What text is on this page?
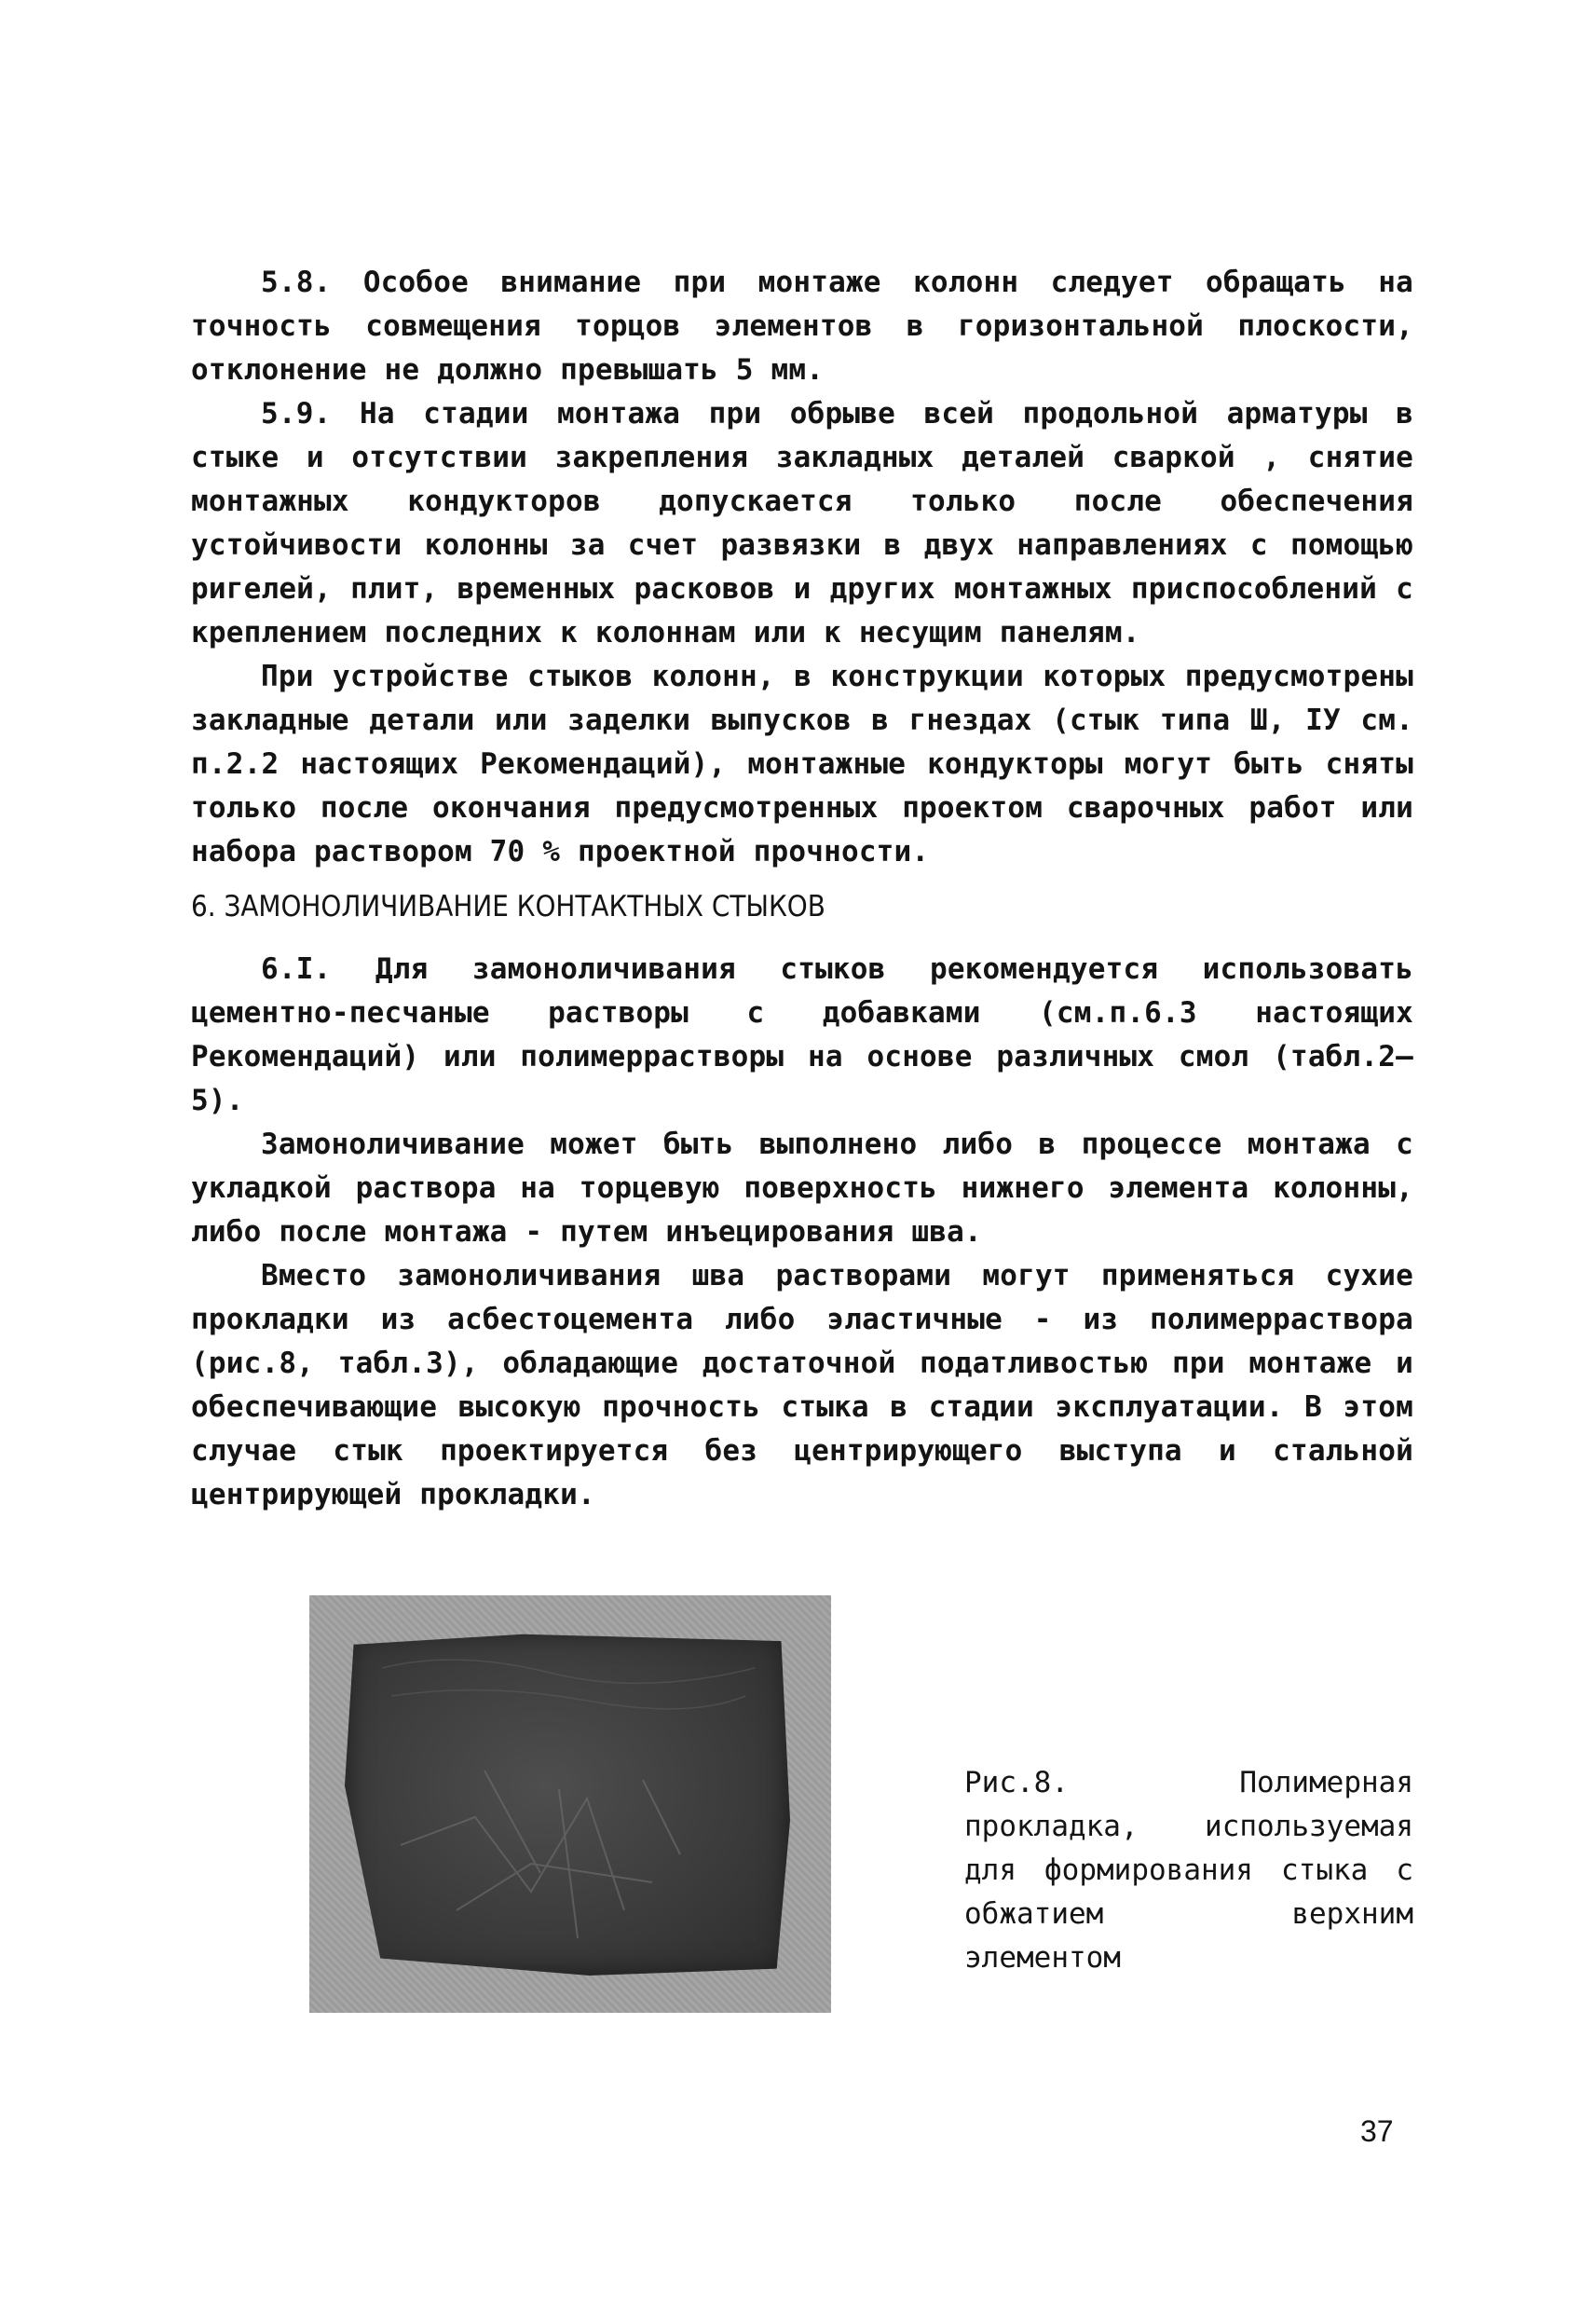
5.8. Особое внимание при монтаже колонн следует обращать на точность совмещения торцов элементов в горизонтальной плоскости, отклонение не должно превышать 5 мм.

5.9. На стадии монтажа при обрыве всей продольной арматуры в стыке и отсутствии закрепления закладных деталей сваркой , снятие монтажных кондукторов допускается только после обеспечения устойчивости колонны за счет развязки в двух направлениях с помощью ригелей, плит, временных расковов и других монтажных приспособлений с креплением последних к колоннам или к несущим панелям.

При устройстве стыков колонн, в конструкции которых предусмотрены закладные детали или заделки выпусков в гнездах (стык типа Ш, IУ см. п.2.2 настоящих Рекомендаций), монтажные кондукторы могут быть сняты только после окончания предусмотренных проектом сварочных работ или набора раствором 70 % проектной прочности.

6. ЗАМОНОЛИЧИВАНИЕ КОНТАКТНЫХ СТЫКОВ

6.I. Для замоноличивания стыков рекомендуется использовать цементно-песчаные растворы с добавками (см.п.6.3 настоящих Рекомендаций) или полимеррастворы на основе различных смол (табл.2–5).

Замоноличивание может быть выполнено либо в процессе монтажа с укладкой раствора на торцевую поверхность нижнего элемента колонны, либо после монтажа - путем инъецирования шва.

Вместо замоноличивания шва растворами могут применяться сухие прокладки из асбестоцемента либо эластичные - из полимерраствора (рис.8, табл.3), обладающие достаточной податливостью при монтаже и обеспечивающие высокую прочность стыка в стадии эксплуатации. В этом случае стык проектируется без центрирующего выступа и стальной центрирующей прокладки.

Рис.8. Полимерная прокладка, используемая для формирования стыка с обжатием верхним элементом

37
